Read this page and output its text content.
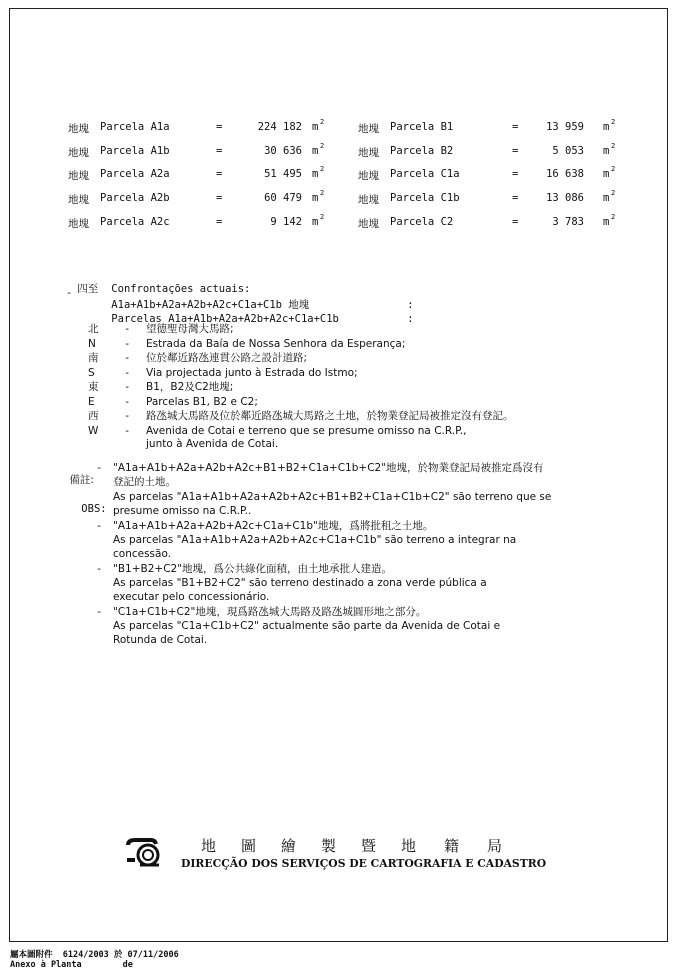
地塊 Parcela A1a	=	224 182 m 2
地塊 Parcela A1b	=	30 636 m 2
地塊 Parcela A2a	=	51 495 m 2
地塊 Parcela A2b	=	60 479 m 2
地塊 Parcela A2c	=	9 142 m 2
地塊 Parcela B1	=	13 959 m 2
地塊 Parcela B2	=	5 053 m 2
地塊 Parcela C1a	=	16 638 m 2
地塊 Parcela C1b	=	13 086 m 2
地塊 Parcela C2	=	3 783 m 2

四至
	Confrontações actuais:

-

A1a+A1b+A2a+A2b+A2c+C1a+C1b 地塊
	:

Parcelas A1a+A1b+A2a+A2b+A2c+C1a+C1b
	:

北 - 望德聖母灣大馬路;
N	- Estrada da Baía de Nossa Senhora da Esperança;
南 - 位於鄰近路氹連貫公路之設計道路;
S	- Via projectada junto à Estrada do Istmo;
東 - B1，B2及C2地塊;
E	- Parcelas B1, B2 e C2;
西 - 路氹城大馬路及位於鄰近路氹城大馬路之土地，於物業登記局被推定沒有登記。
W - Avenida de Cotai e terreno que se presume omisso na C.R.P.,
junto à Avenida de Cotai.

備註:

-

OBS:

-
-
-
"A1a+A1b+A2a+A2b+A2c+B1+B2+C1a+C1b+C2"地塊，於物業登記局被推定爲沒有
登記的土地。
As parcelas "A1a+A1b+A2a+A2b+A2c+B1+B2+C1a+C1b+C2" são terreno que se
presume omisso na C.R.P..
"A1a+A1b+A2a+A2b+A2c+C1a+C1b"地塊，爲將批租之土地。
As parcelas "A1a+A1b+A2a+A2b+A2c+C1a+C1b" são terreno a integrar na
concessão.
"B1+B2+C2"地塊，爲公共綠化面積，由土地承批人建造。
As parcelas "B1+B2+C2" são terreno destinado a zona verde pública a
executar pelo concessionário.
"C1a+C1b+C2"地塊，現爲路氹城大馬路及路氹城圓形地之部分。
As parcelas "C1a+C1b+C2" actualmente são parte da Avenida de Cotai e
Rotunda de Cotai.
地 圖 繪 製 暨 地 籍 局
DIRECÇÃO DOS SERVIÇOS DE CARTOGRAFIA E CADASTRO
屬本圖附件  6124/2003 於 07/11/2006
Anexo à Planta        de
